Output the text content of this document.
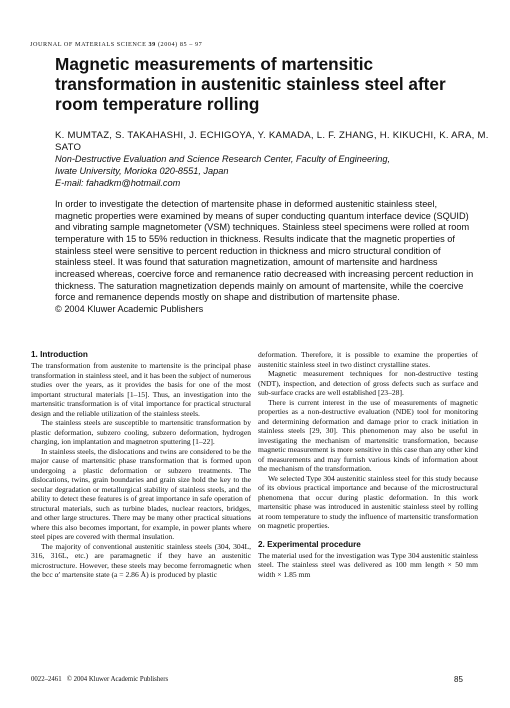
JOURNAL OF MATERIALS SCIENCE 39 (2004) 85 – 97
Magnetic measurements of martensitic transformation in austenitic stainless steel after room temperature rolling
K. MUMTAZ, S. TAKAHASHI, J. ECHIGOYA, Y. KAMADA, L. F. ZHANG, H. KIKUCHI, K. ARA, M. SATO
Non-Destructive Evaluation and Science Research Center, Faculty of Engineering,
Iwate University, Morioka 020-8551, Japan
E-mail: fahadkm@hotmail.com
In order to investigate the detection of martensite phase in deformed austenitic stainless steel, magnetic properties were examined by means of super conducting quantum interface device (SQUID) and vibrating sample magnetometer (VSM) techniques. Stainless steel specimens were rolled at room temperature with 15 to 55% reduction in thickness. Results indicate that the magnetic properties of stainless steel were sensitive to percent reduction in thickness and micro structural condition of stainless steel. It was found that saturation magnetization, amount of martensite and hardness increased whereas, coercive force and remanence ratio decreased with increasing percent reduction in thickness. The saturation magnetization depends mainly on amount of martensite, while the coercive force and remanence depends mostly on shape and distribution of martensite phase.
© 2004 Kluwer Academic Publishers
1. Introduction

The transformation from austenite to martensite is the principal phase transformation in stainless steel, and it has been the subject of numerous studies over the years, as it provides the basis for one of the most important structural materials [1–15]. Thus, an investigation into the martensitic transformation is of vital importance for practical structural design and the reliable utilization of the stainless steels.

The stainless steels are susceptible to martensitic transformation by plastic deformation, subzero cooling, subzero deformation, hydrogen charging, ion implantation and magnetron sputtering [1–22].

In stainless steels, the dislocations and twins are considered to be the major cause of martensitic phase transformation that is formed upon undergoing a plastic deformation or subzero treatments. The dislocations, twins, grain boundaries and grain size hold the key to the secular degradation or metallurgical stability of stainless steels, and the ability to detect these features is of great importance in safe operation of structural materials, such as turbine blades, nuclear reactors, bridges, and other large structures. There may be many other practical situations where this also becomes important, for example, in power plants where steel pipes are covered with thermal insulation.

The majority of conventional austenitic stainless steels (304, 304L, 316, 316L, etc.) are paramagnetic if they have an austenitic microstructure. However, these steels may become ferromagnetic when the bcc α′ martensite state (a = 2.86 Å) is produced by plastic

deformation. Therefore, it is possible to examine the properties of austenitic stainless steel in two distinct crystalline states.

Magnetic measurement techniques for non-destructive testing (NDT), inspection, and detection of gross defects such as surface and sub-surface cracks are well established [23–28].

There is current interest in the use of measurements of magnetic properties as a non-destructive evaluation (NDE) tool for monitoring and determining deformation and damage prior to crack initiation in stainless steels [29, 30]. This phenomenon may also be useful in investigating the mechanism of martensitic transformation, because magnetic measurement is more sensitive in this case than any other kind of measurements and may furnish various kinds of information about the mechanism of the transformation.

We selected Type 304 austenitic stainless steel for this study because of its obvious practical importance and because of the microstructural phenomena that occur during plastic deformation. In this work martensitic phase was introduced in austenitic stainless steel by rolling at room temperature to study the influence of martensitic transformation on magnetic properties.

2. Experimental procedure

The material used for the investigation was Type 304 austenitic stainless steel. The stainless steel was delivered as 100 mm length × 50 mm width × 1.85 mm

0022–2461 © 2004 Kluwer Academic Publishers	85
